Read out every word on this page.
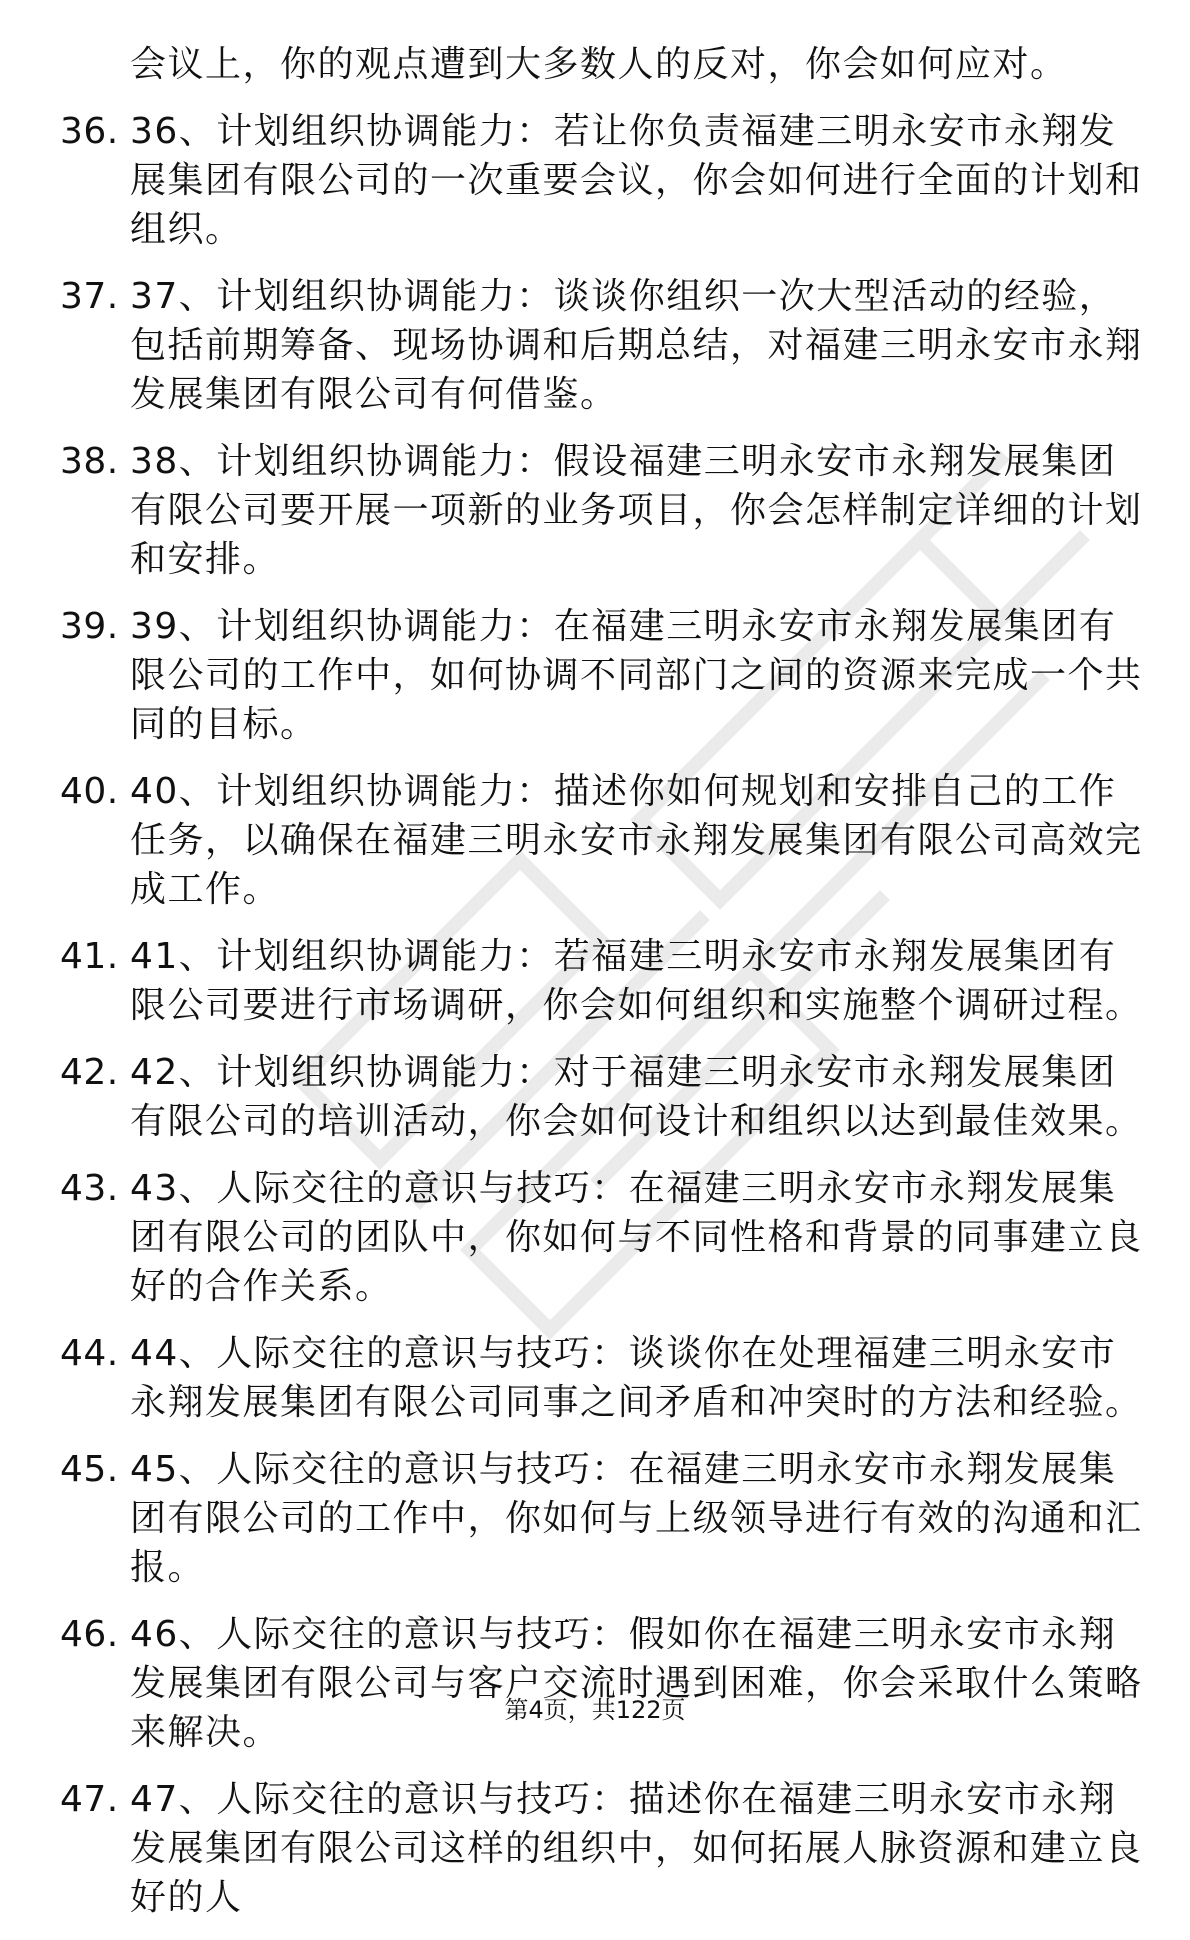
会议上，你的观点遭到大多数人的反对，你会如何应对。
36. 36、计划组织协调能力：若让你负责福建三明永安市永翔发展集团有限公司的一次重要会议，你会如何进行全面的计划和组织。
37. 37、计划组织协调能力：谈谈你组织一次大型活动的经验，包括前期筹备、现场协调和后期总结，对福建三明永安市永翔发展集团有限公司有何借鉴。
38. 38、计划组织协调能力：假设福建三明永安市永翔发展集团有限公司要开展一项新的业务项目，你会怎样制定详细的计划和安排。
39. 39、计划组织协调能力：在福建三明永安市永翔发展集团有限公司的工作中，如何协调不同部门之间的资源来完成一个共同的目标。
40. 40、计划组织协调能力：描述你如何规划和安排自己的工作任务，以确保在福建三明永安市永翔发展集团有限公司高效完成工作。
41. 41、计划组织协调能力：若福建三明永安市永翔发展集团有限公司要进行市场调研，你会如何组织和实施整个调研过程。
42. 42、计划组织协调能力：对于福建三明永安市永翔发展集团有限公司的培训活动，你会如何设计和组织以达到最佳效果。
43. 43、人际交往的意识与技巧：在福建三明永安市永翔发展集团有限公司的团队中，你如何与不同性格和背景的同事建立良好的合作关系。
44. 44、人际交往的意识与技巧：谈谈你在处理福建三明永安市永翔发展集团有限公司同事之间矛盾和冲突时的方法和经验。
45. 45、人际交往的意识与技巧：在福建三明永安市永翔发展集团有限公司的工作中，你如何与上级领导进行有效的沟通和汇报。
46. 46、人际交往的意识与技巧：假如你在福建三明永安市永翔发展集团有限公司与客户交流时遇到困难，你会采取什么策略来解决。
47. 47、人际交往的意识与技巧：描述你在福建三明永安市永翔发展集团有限公司这样的组织中，如何拓展人脉资源和建立良好的人
第4页，共122页
